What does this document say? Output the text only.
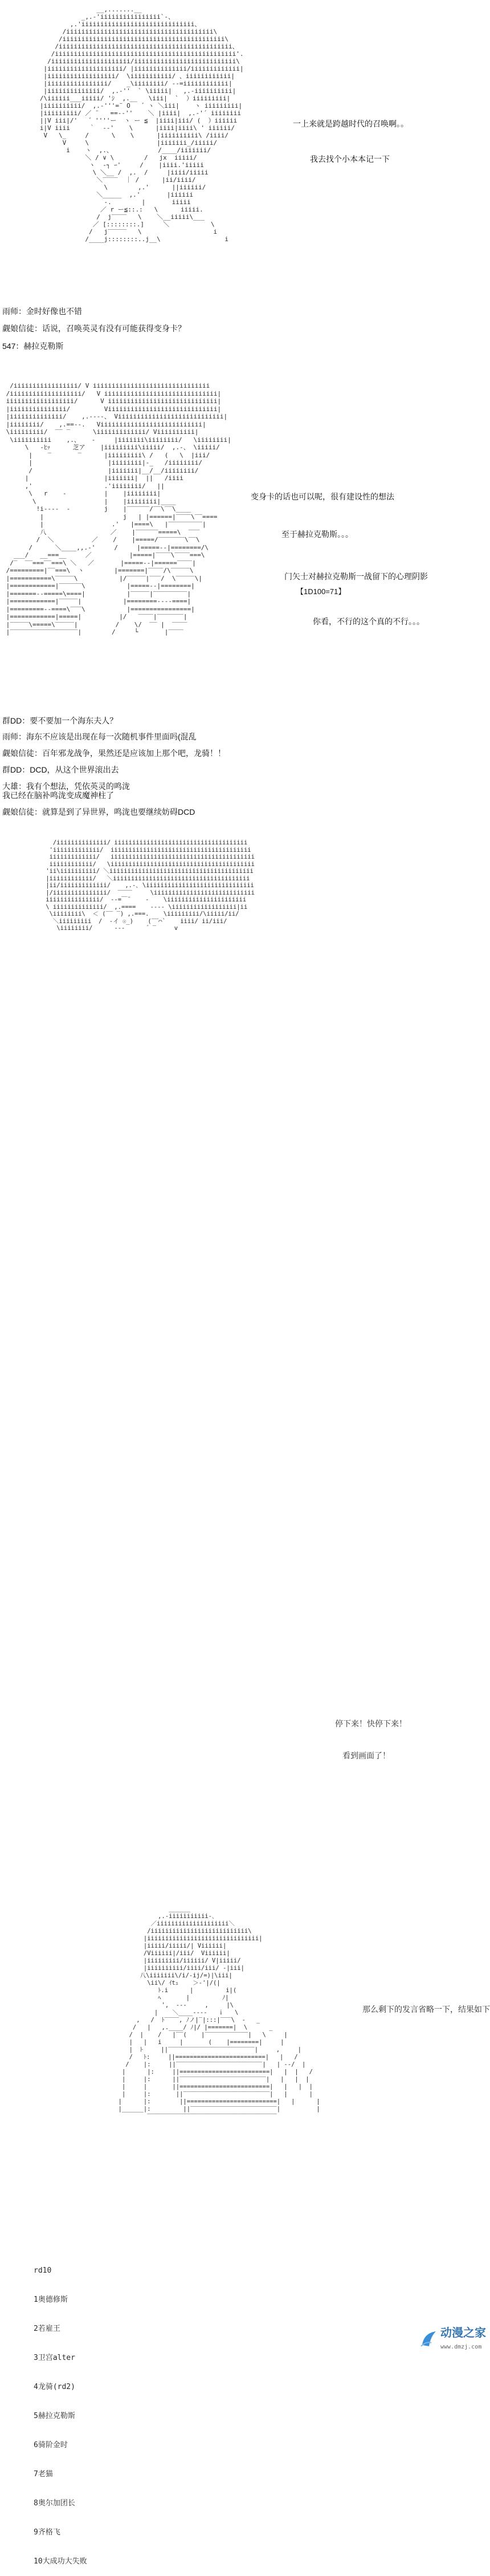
__,.......__
_,.-'iiiiiiiiiiiiiiii`-、
,.'iiiiiiiiiiiiiiiiiiiiiiiiiiiiii、
/iiiiiiiiiiiiiiiiiiiiiiiiiiiiiiiiiiiiiii\
/iiiiiiiiiiiiiiiiiiiiiiiiiiiiiiiiiiiiiiiiiii\
/iiiiiiiiiiiiiiiiiiiiiiiiiiiiiiiiiiiiiiiiiiiiii、
/iiiiiiiiiiiiiiiiiiiiiiiiiiiiiiiiiiiiiiiiiiiiiiii'.
/iiiiiiiiiiiiiiiiiiiii/iiiiiiiiiiiiiiiiiiiiiiiiiii\
|iiiiiiiiiiiiiiiiiiii/ |iiiiiiiiiiiiii/iiiiiiiiiiiii|
|iiiiiiiiiiiiiiiiii/  \iiiiiiiiiii/ 、iiiiiiiiiiii|
|iiiiiiiiiiiiiiii/    _\iiiiiiii/ --=iiiiiiiiiiii|
|iiiiiiiiiiiiii/  ,.-''  ` \iiiii|   ,.-iiiiiiiiii|
/\iiiiii___iiiii/ 'ｼ  ,.__   \iii|  `  ）iiiiiiiii|
|iiiiiiiiii/  ,.-'''=¨ O   ゛ヽ ＼iii|    ヽ iiiiiiiii|
|iiiiiiiii/ ／ ¨   ==‐‐''    ＼ |iiii|  ,.-'´ iiiiiiii
||V iii|/'   ゛''''ー  ヽ ー ≦  |iiii|iii/ (  ）iiiiii
i|V iiii     ｀  ‐‐'    \      |iiii|iiii\ ' iiiiii/
V   \_     /      \    \      |iiiiiiiiii\ /iiii/
V     \                  |iiiiiii_/iiiii/
i    ヽ  ,.、            /____/iiiiiii/
＼ / ∨ \        /   jx  iiiii/
ヽ  ‐┐ ｰ'     /    |iiii.'iiiii
\ ＼__ /  ,.  /     |iiii/iiiii
＼‾‾‾‾  ｜ /      |ii/iiii/
\        ,.'      ||iiiiii/
＼_____  ,.'       |iiiiii
‐.        |       iiiii
／ r ー≦::.:   \      iiiii.
/  j‾‾‾‾   \    ＼__iiiii\___
／ [::::::::.]     ＼           \
/   j‾‾‾‾‾   \                   i
/____j::::::::..j__\                 i
一上来就是跨越时代的召唤啊。。
我去找个小本本记一下
雨师：金时好像也不错
觑娘信徒：话说，召唤英灵有没有可能获得变身卡？
547：赫拉克勒斯
/iiiiiiiiiiiiiiiii/ V iiiiiiiiiiiiiiiiiiiiiiiiiiiiiii
/iiiiiiiiiiiiiiiiiii/   V iiiiiiiiiiiiiiiiiiiiiiiiiiiiii|
iiiiiiiiiiiiiiiiii/      V iiiiiiiiiiiiiiiiiiiiiiiiiiiii|
|iiiiiiiiiiiiiii/         Viiiiiiiiiiiiiiiiiiiiiiiiiiiii|
|iiiiiiiiiiiiii/    ,.-‐‐-、 Viiiiiiiiiiiiiiiiiiiiiiiiiiii|
|iiiiiiii/    ,.==‐-.   Viiiiiiiiiiiiiiiiiiiiiiiiiii|
\iiiiiiiii/  ‾‾ ‾      \iiiiiiiiiiiii/ Viiiiiiiiii|
\iiiiiiiiii    ,.、   ‐     |iiiiiii\iiiiiiii/   \iiiiiiii|
\   ‐ﾋｯ      芝ア    |iiiiiiiii\iiiii/  ,.-、 \iiiii/
|    ‾       ‾      |iiiiiiiii\ /   (   \  |iii/
|                    |iiiiiiii|‐_   /iiiiiiii/
/                    |iiiiiii|__/__/iiiiiiii/
|                    |iiiiiii|  ||   /iiii
,'                   .'iiiiiiii/   ||
\   r    -          |    |iiiiiiii|
\                  |    |iiiiiiii|____
!i‐‐‐‐  ‐         j    |‾‾‾‾‾‾/‾‾\‾‾\____
|                     j   | |======|‾‾‾‾\‾‾====
|                  .'   |====\   |‾‾‾‾‾‾‾‾‾|
八                 ／    |‾‾‾‾‾‾=====\  ‾‾‾
/  ＼          ／    /    |=====/‾‾‾‾‾‾‾\‾‾\
/      ＼____,,.‐'     /     |=====‐‐|========/\
___/   __===__     ／          |=====|‾‾‾‾\‾‾‾‾===\
/‾  ‾‾===‾‾===\ ＼   ／       |=====‐‐|======‾‾‾‾|
/=========|‾‾===\  ヽ        |=======|‾‾‾‾/\‾‾‾‾‾\
|===========\‾‾‾‾‾\           |/‾‾‾‾‾|‾‾‾/  \‾‾‾‾‾\|
|============|‾‾‾‾‾‾\           |=====‐‐|========|
|=======‐‐=====\====|           |‾‾‾‾‾|‾‾‾‾‾‾‾‾‾|
|============|‾‾‾‾‾|           |========‐‐‐‐====|
|=========‐‐====\‾‾‾\           |================|
|============|=====|          |/   ‾‾‾‾|‾‾‾‾‾‾‾|
|‾‾‾‾‾\=====\‾‾‾‾‾|          /    \/  ‾‾ |  ‾‾‾‾
|‾‾‾‾‾‾‾‾‾‾‾‾‾‾‾‾‾‾|        /     └       |‾‾‾‾
变身卡的话也可以呢，很有建设性的想法
至于赫拉克勒斯。。。
门矢士对赫拉克勒斯一战留下的心理阴影
【1D100=71】
你看，不行的这个真的不行。。。
群DD：要不要加一个海东夫人？
雨师：海东不应该是出现在每一次随机事件里面吗(混乱
觑娘信徒：百年邪龙战争，果然还是应该加上那个吧，龙骑！！
群DD：DCD，从这个世界滚出去
大雄：我有个想法，凭依英灵的鸣泷
我已经在脑补鸣泷变成魔神柱了
觑娘信徒：就算是到了异世界，鸣泷也要继续妨碍DCD
/iiiiiiiiiiiiii/ iiiiiiiiiiiiiiiiiiiiiiiiiiiiiiiiiiiii
'iiiiiiiiiiiii/  iiiiiiiiiiiiiiiiiiiiiiiiiiiiiiiiiiiiiii
iiiiiiiiiiiii/   iiiiiiiiiiiiiiiiiiiiiiiiiiiiiiiiiiiiiiii
iiiiiiiiiiii/   \iiiiiiiiiiiiiiiiiiiiiiiiiiiiiiiiiiiiiiii
'ii\iiiiiiiiii/ ＼iiiiiiiiiiiiiiiiiiiiiiiiiiiiiiiiiiiiiiii
|iiiiiiiiiiii/   ＼iiiiiiiiiiiiiiiiiiiiiiiiiiiiiiiiiiiiii
|ii/iiiiiiiiiiiii/    ,.-､ \iiiiiiiiiiiiiiiiiiiiiiiiiiiiii
|/iiiiiiiiiiiiiii/  ‾‾‾‾     \iiiiiiiiiiiiiiiiiiiiiiiiiiii
iiiiiiiiiiiiiii/  ‐‐=￣¨    ‐    \iiiiiiiiiiiiiiiiiiiiii
\ iiiiiiiiiiiiii/  ,.====    ‐‐‐‐ \iiiiiiiiiiiiiiiiii|ii
\iiiiiiii\  ＜ (‾‾ ‾) ,.===.    \iiiiiiiii/\iiiii/ii/
＼iiiiiiiii  /  ‐イ ☉_)    (‾‾⌒`    iiii/ ii/iii/
\iiiiiiii/      ‐‐‐      ゛‾     v

停下来！快停下来！

看到画面了！

______
,.-iiiiiiiiiii-､
／iiiiiiiiiiiiiiiiiiii＼
/iiiiiiiiiiiiiiiiiiiiiiiiiii\
|iiiiiiiiiiiiiiiiiiiiiiiiiiiiiii|
|iiiii/iiiii/| Viiiiii|
/Viiiiii|/iii/  Viiiiii|
|iiiiiiiii/iiiiii/ V|iiiii/
|iiiiiiiiii/iiii/iii/ ‐|iii|
八\iiiiiii\/i/-ij/=)|\iii|
\ii\/ ｲtｭ    ＞-'|/(|
ﾄ.i      |         i|(
ﾍ       |         ﾉ|
',  ‐‐-     ,     |\
|    ＼____‐‐‐‐   ｉ   \
,   /  ﾄ‾‾‾‾, ﾉノ|‾|:::|‾‾‾\  -   _
/   |   ,.____/ ﾉ|/ |=======|  \      _
/  |    /   |‾‾(    |‾‾‾‾‾‾‾‾‾‾‾‾|   \     |
|   |   i     |       (    |========|     |
|  ﾄ     ||‾‾‾‾‾‾‾‾‾‾‾‾‾‾‾‾‾‾‾‾‾‾‾‾|     ,     |
/   ﾄ:     ||=========================|   |   /
/    |:     ||‾‾‾‾‾‾‾‾‾‾‾‾‾‾‾‾‾‾‾‾‾‾‾‾|   | ‐-/  |
|      |:     ||=========================|   |  |   /
|     |:      ||‾‾‾‾‾‾‾‾‾‾‾‾‾‾‾‾‾‾‾‾‾‾‾‾|   |   |  |
|     |       ||=========================|   |   |  |
|     |:       ||‾‾‾‾‾‾‾‾‾‾‾‾‾‾‾‾‾‾‾‾‾‾‾‾|   |      |
|      |:        ||=========================|   |      |
|______|:         ||‾‾‾‾‾‾‾‾‾‾‾‾‾‾‾‾‾‾‾‾‾‾‾‾|          |
‾‾‾‾‾‾‾‾‾‾‾‾‾‾‾‾‾‾‾‾‾‾‾‾‾‾‾‾‾‾‾‾‾‾‾‾

那么剩下的发言省略一下，结果如下

rd10

1奥德修斯

2若雇王

3卫宫alter

4龙骑(rd2)

5赫拉克勒斯

6骑阶金时

7老猫

8奥尔加团长

9齐格飞

10大成功大失败

动漫之家

www.dmzj.com
